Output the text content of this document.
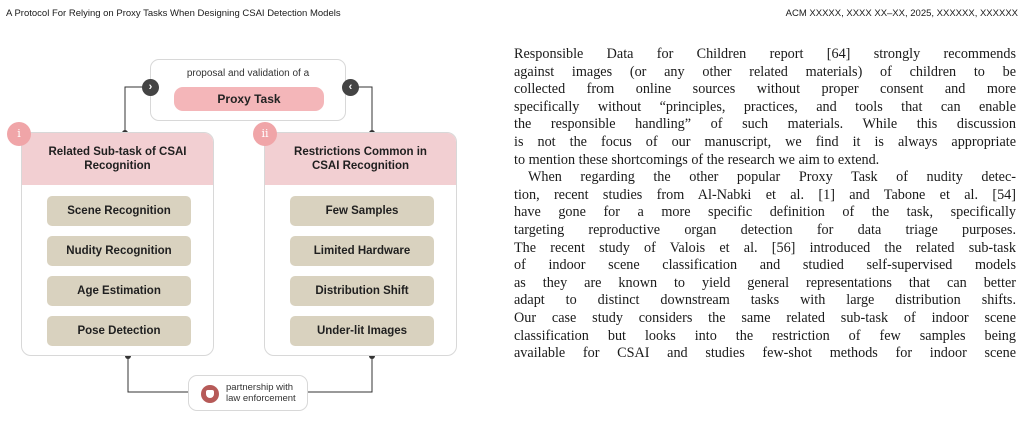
A Protocol For Relying on Proxy Tasks When Designing CSAI Detection Models	ACM XXXXX, XXXX XX–XX, 2025, XXXXXX, XXXXXX
proposal and validation of a
Proxy Task
›	‹
Related Sub-task of CSAI Recognition
Scene Recognition
Nudity Recognition
Age Estimation
Pose Detection
i
Restrictions Common in CSAI Recognition
Few Samples
Limited Hardware
Distribution Shift
Under-lit Images
ii
partnership with
law enforcement
Responsible Data for Children report [64] strongly recommends
against images (or any other related materials) of children to be
collected from online sources without proper consent and more
specifically without “principles, practices, and tools that can enable
the responsible handling” of such materials. While this discussion
is not the focus of our manuscript, we find it is always appropriate
to mention these shortcomings of the research we aim to extend.
When regarding the other popular Proxy Task of nudity detec-
tion, recent studies from Al-Nabki et al. [1] and Tabone et al. [54]
have gone for a more specific definition of the task, specifically
targeting reproductive organ detection for data triage purposes.
The recent study of Valois et al. [56] introduced the related sub-task
of indoor scene classification and studied self-supervised models
as they are known to yield general representations that can better
adapt to distinct downstream tasks with large distribution shifts.
Our case study considers the same related sub-task of indoor scene
classification but looks into the restriction of few samples being
available for CSAI and studies few-shot methods for indoor scene
